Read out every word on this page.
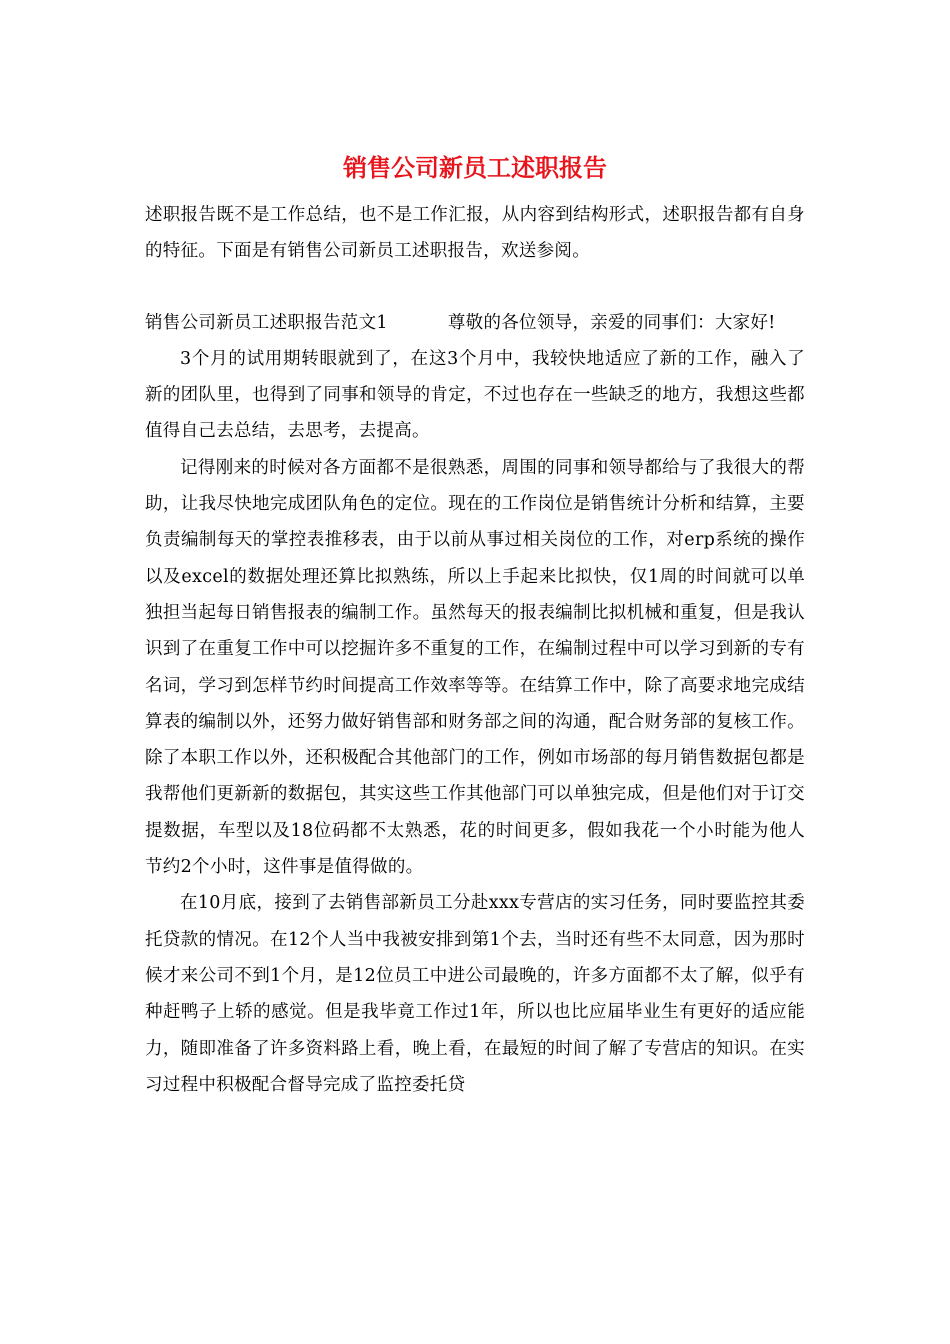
销售公司新员工述职报告

述职报告既不是工作总结，也不是工作汇报，从内容到结构形式，述职报告都有自身的特征。下面是有销售公司新员工述职报告，欢送参阅。

销售公司新员工述职报告范文1	尊敬的各位领导，亲爱的同事们：大家好!

3个月的试用期转眼就到了，在这3个月中，我较快地适应了新的工作，融入了新的团队里，也得到了同事和领导的肯定，不过也存在一些缺乏的地方，我想这些都值得自己去总结，去思考，去提高。

记得刚来的时候对各方面都不是很熟悉，周围的同事和领导都给与了我很大的帮助，让我尽快地完成团队角色的定位。现在的工作岗位是销售统计分析和结算，主要负责编制每天的掌控表推移表，由于以前从事过相关岗位的工作，对erp系统的操作以及excel的数据处理还算比拟熟练，所以上手起来比拟快，仅1周的时间就可以单独担当起每日销售报表的编制工作。虽然每天的报表编制比拟机械和重复，但是我认识到了在重复工作中可以挖掘许多不重复的工作，在编制过程中可以学习到新的专有名词，学习到怎样节约时间提高工作效率等等。在结算工作中，除了高要求地完成结算表的编制以外，还努力做好销售部和财务部之间的沟通，配合财务部的复核工作。除了本职工作以外，还积极配合其他部门的工作，例如市场部的每月销售数据包都是我帮他们更新新的数据包，其实这些工作其他部门可以单独完成，但是他们对于订交提数据，车型以及18位码都不太熟悉，花的时间更多，假如我花一个小时能为他人节约2个小时，这件事是值得做的。

在10月底，接到了去销售部新员工分赴xxx专营店的实习任务，同时要监控其委托贷款的情况。在12个人当中我被安排到第1个去，当时还有些不太同意，因为那时候才来公司不到1个月，是12位员工中进公司最晚的，许多方面都不太了解，似乎有种赶鸭子上轿的感觉。但是我毕竟工作过1年，所以也比应届毕业生有更好的适应能力，随即准备了许多资料路上看，晚上看，在最短的时间了解了专营店的知识。在实习过程中积极配合督导完成了监控委托贷
